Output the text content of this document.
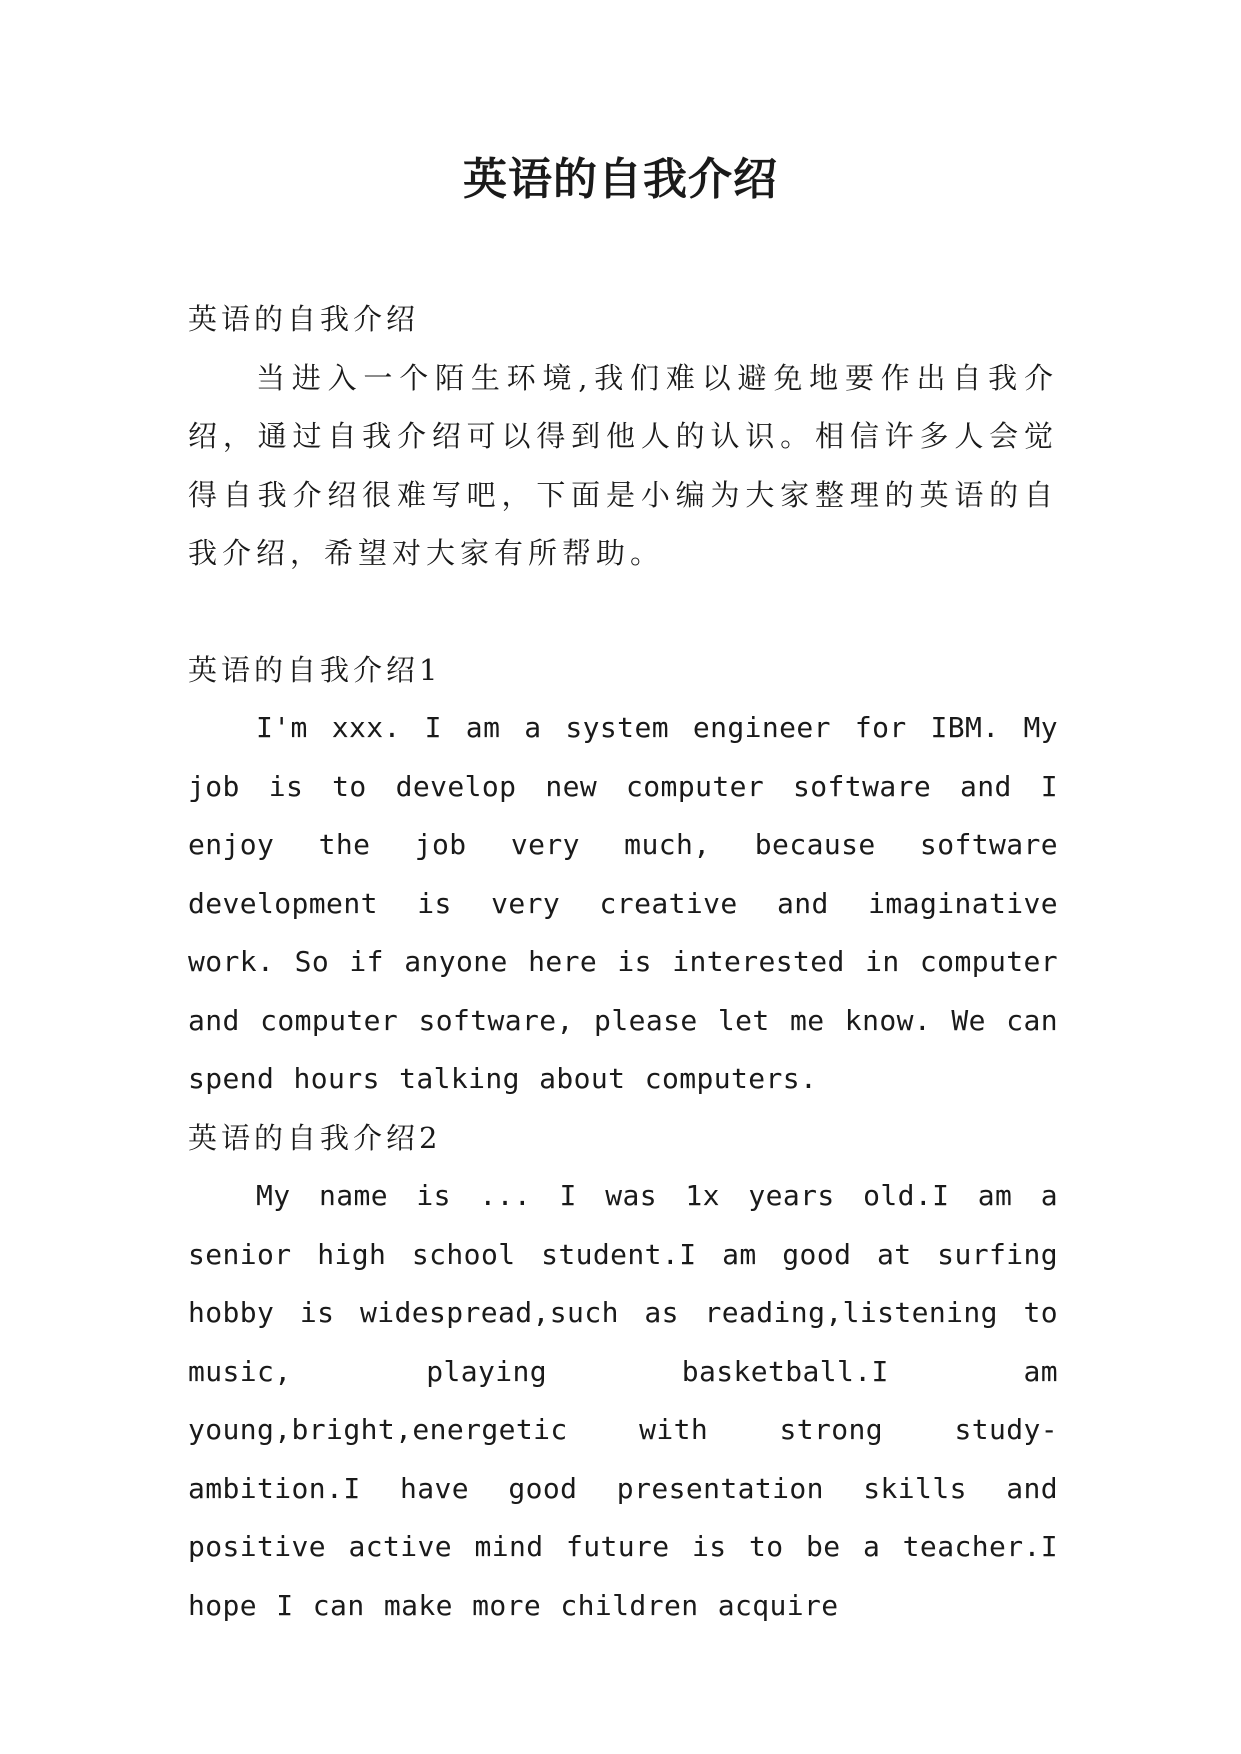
英语的自我介绍

英语的自我介绍

当进入一个陌生环境,我们难以避免地要作出自我介绍，通过自我介绍可以得到他人的认识。相信许多人会觉得自我介绍很难写吧，下面是小编为大家整理的英语的自我介绍，希望对大家有所帮助。

英语的自我介绍1

I'm xxx. I am a system engineer for IBM. My job is to develop new computer software and I enjoy the job very much, because software development is very creative and imaginative work. So if anyone here is interested in computer and computer software, please let me know. We can spend hours talking about computers.

英语的自我介绍2

My name is ... I was 1x years old.I am a senior high school student.I am good at surfing hobby is widespread,such as reading,listening to music, playing basketball.I am young,bright,energetic with strong study-ambition.I have good presentation skills and positive active mind future is to be a teacher.I hope I can make more children acquire
